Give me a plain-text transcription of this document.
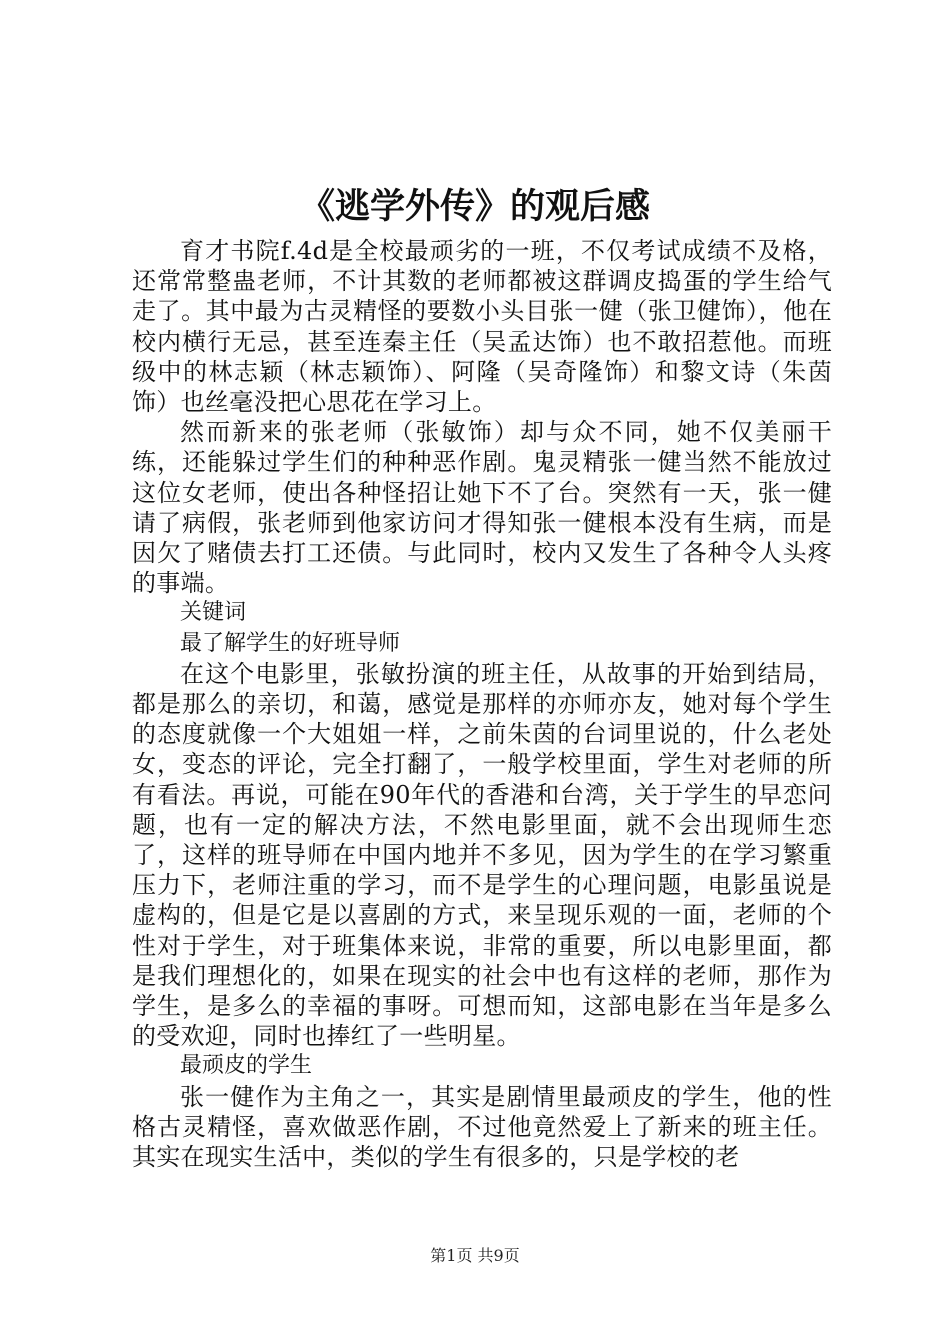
《逃学外传》的观后感

育才书院f.4d是全校最顽劣的一班，不仅考试成绩不及格，还常常整蛊老师，不计其数的老师都被这群调皮捣蛋的学生给气走了。其中最为古灵精怪的要数小头目张一健（张卫健饰），他在校内横行无忌，甚至连秦主任（吴孟达饰）也不敢招惹他。而班级中的林志颖（林志颖饰）、阿隆（吴奇隆饰）和黎文诗（朱茵饰）也丝毫没把心思花在学习上。

然而新来的张老师（张敏饰）却与众不同，她不仅美丽干练，还能躲过学生们的种种恶作剧。鬼灵精张一健当然不能放过这位女老师，使出各种怪招让她下不了台。突然有一天，张一健请了病假，张老师到他家访问才得知张一健根本没有生病，而是因欠了赌债去打工还债。与此同时，校内又发生了各种令人头疼的事端。

关键词

最了解学生的好班导师

在这个电影里，张敏扮演的班主任，从故事的开始到结局，都是那么的亲切，和蔼，感觉是那样的亦师亦友，她对每个学生的态度就像一个大姐姐一样，之前朱茵的台词里说的，什么老处女，变态的评论，完全打翻了，一般学校里面，学生对老师的所有看法。再说，可能在90年代的香港和台湾，关于学生的早恋问题，也有一定的解决方法，不然电影里面，就不会出现师生恋了，这样的班导师在中国内地并不多见，因为学生的在学习繁重压力下，老师注重的学习，而不是学生的心理问题，电影虽说是虚构的，但是它是以喜剧的方式，来呈现乐观的一面，老师的个性对于学生，对于班集体来说，非常的重要，所以电影里面，都是我们理想化的，如果在现实的社会中也有这样的老师，那作为学生，是多么的幸福的事呀。可想而知，这部电影在当年是多么的受欢迎，同时也捧红了一些明星。

最顽皮的学生

张一健作为主角之一，其实是剧情里最顽皮的学生，他的性格古灵精怪，喜欢做恶作剧，不过他竟然爱上了新来的班主任。其实在现实生活中，类似的学生有很多的，只是学校的老

第1页 共9页
